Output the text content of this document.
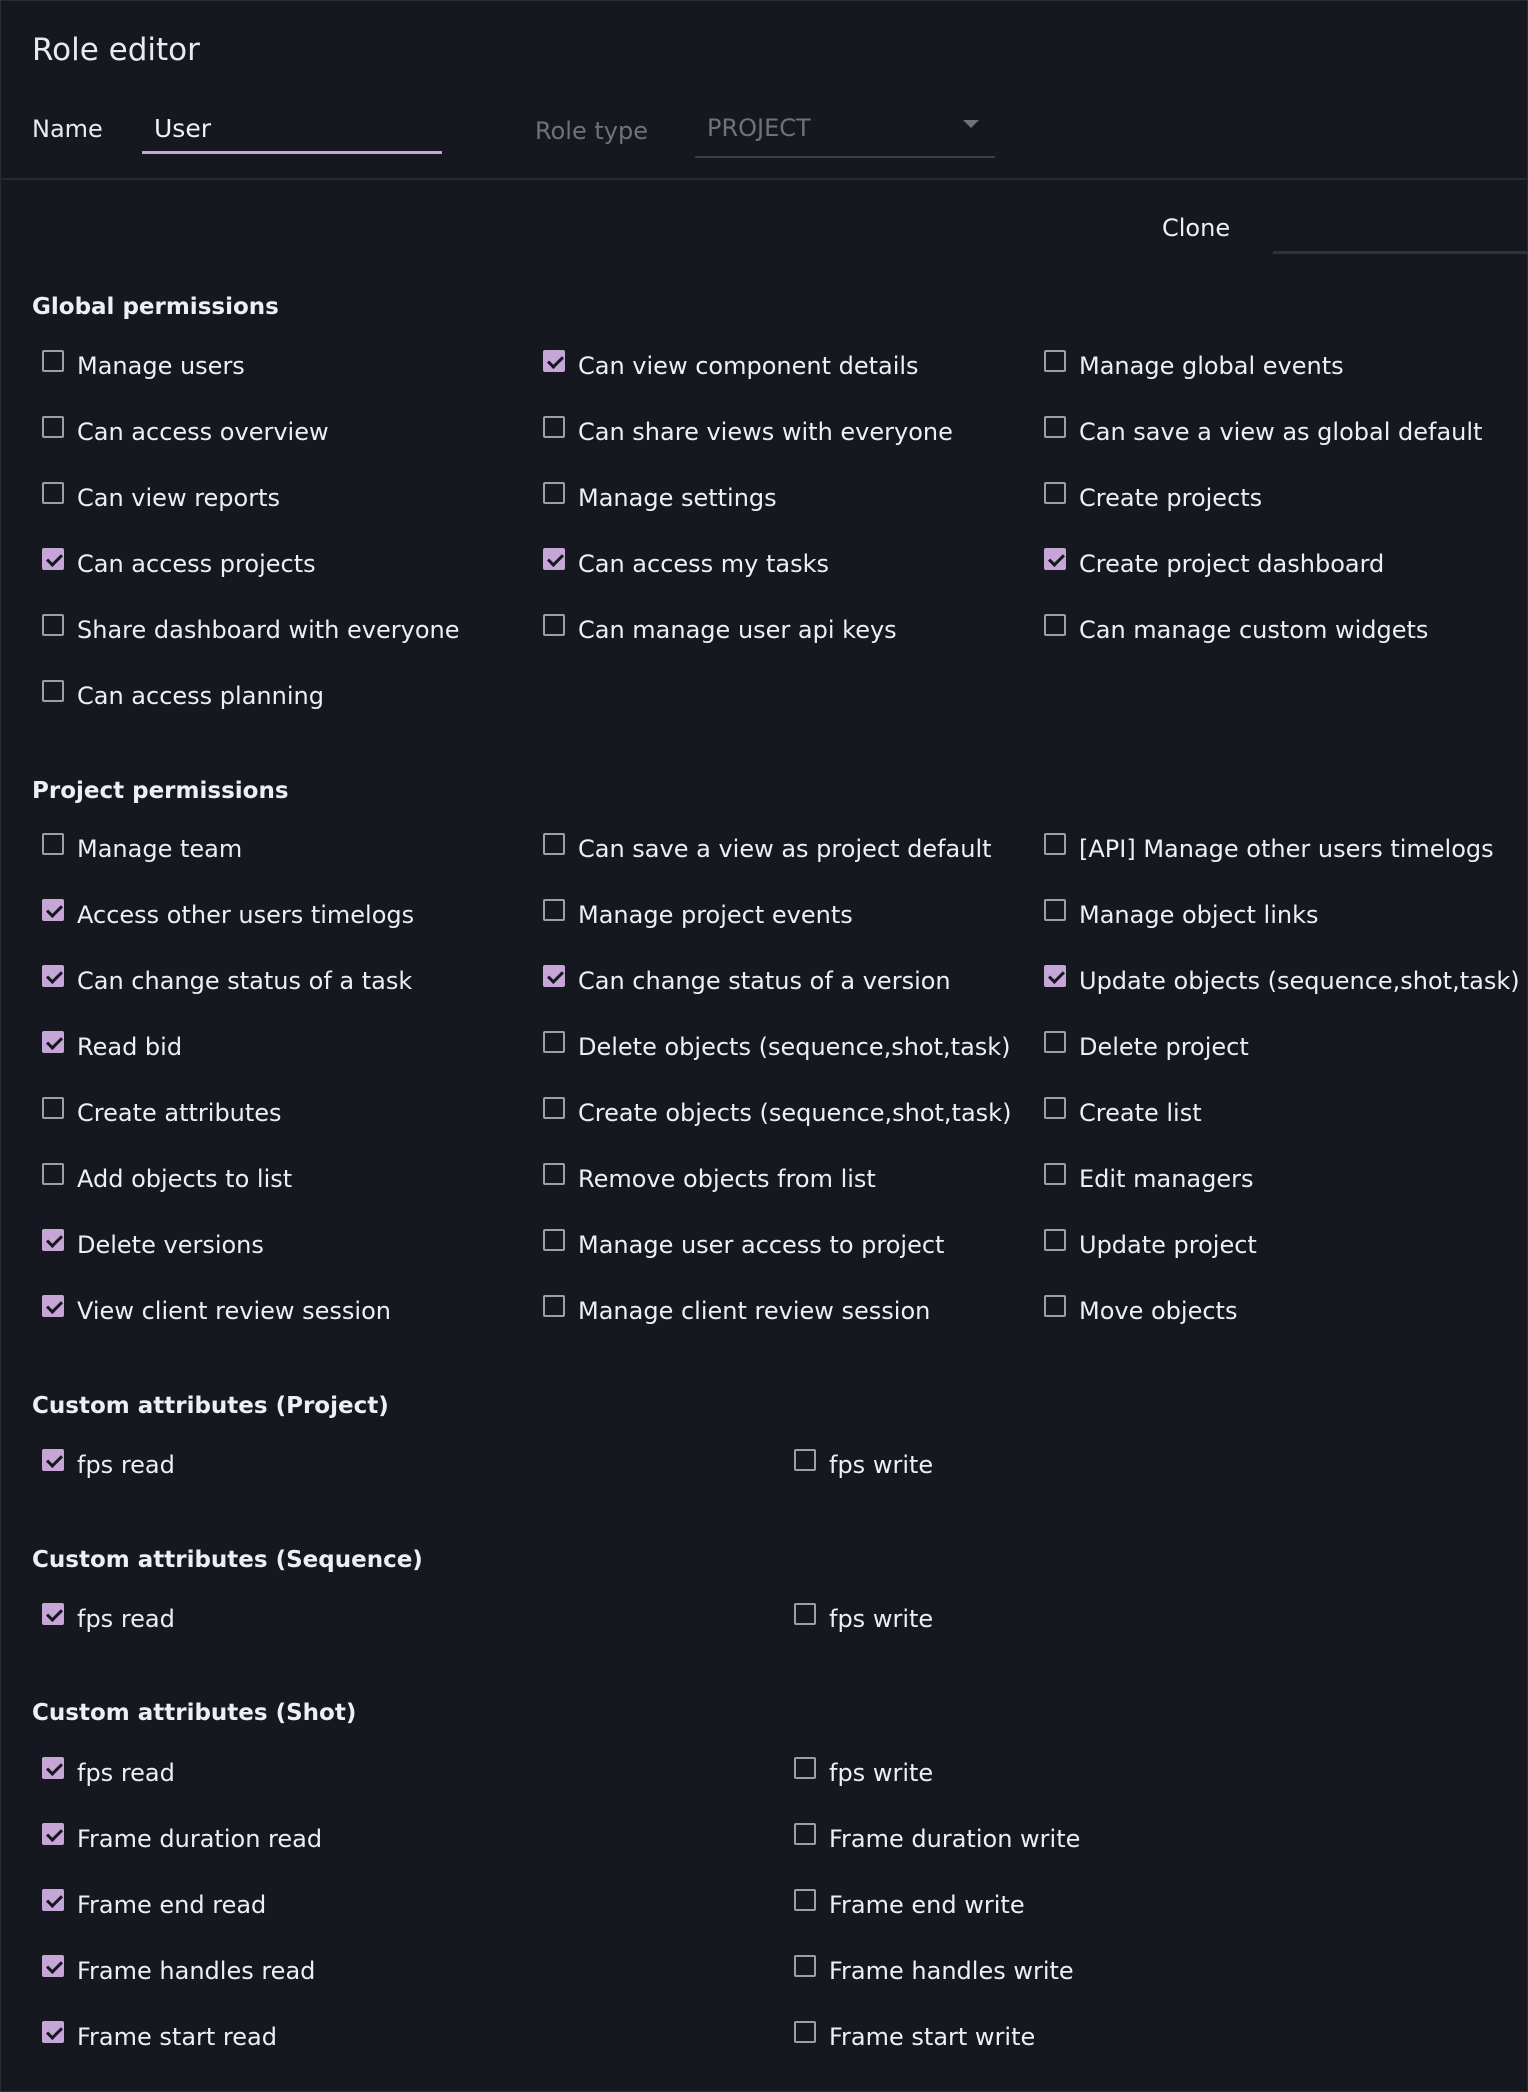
Role editor
Name User	Role type PROJECT
Clone
Global permissions
Manage users	Can view component details	Manage global events
Can access overview	Can share views with everyone	Can save a view as global default
Can view reports	Manage settings	Create projects
Can access projects	Can access my tasks	Create project dashboard
Share dashboard with everyone	Can manage user api keys	Can manage custom widgets
Can access planning
Project permissions
Manage team	Can save a view as project default	[API] Manage other users timelogs
Access other users timelogs	Manage project events	Manage object links
Can change status of a task	Can change status of a version	Update objects (sequence,shot,task)
Read bid	Delete objects (sequence,shot,task)	Delete project
Create attributes	Create objects (sequence,shot,task)	Create list
Add objects to list	Remove objects from list	Edit managers
Delete versions	Manage user access to project	Update project
View client review session	Manage client review session	Move objects
Custom attributes (Project)
fps read	fps write
Custom attributes (Sequence)
fps read	fps write
Custom attributes (Shot)
fps read	fps write
Frame duration read	Frame duration write
Frame end read	Frame end write
Frame handles read	Frame handles write
Frame start read	Frame start write
